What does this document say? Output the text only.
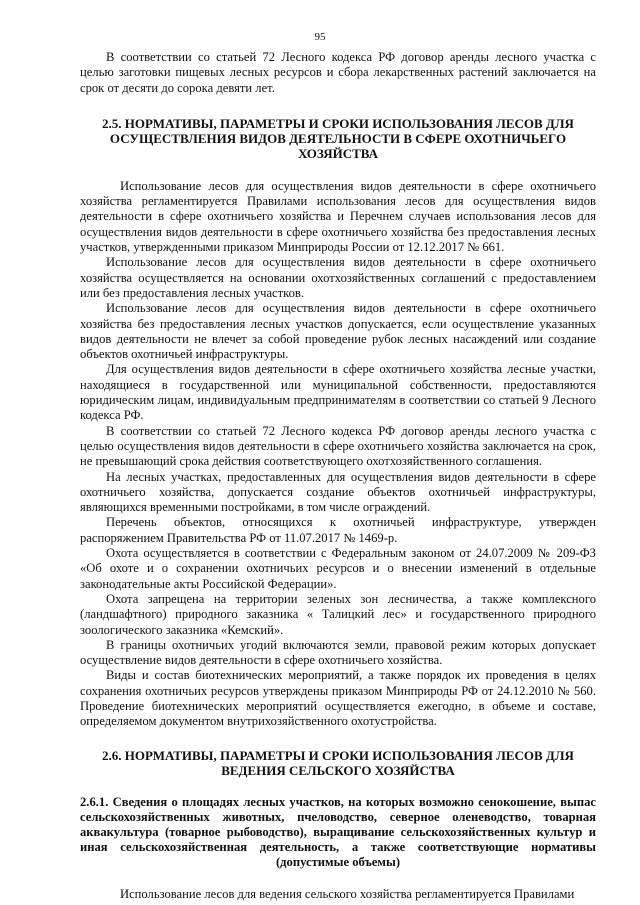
95

В соответствии со статьей 72 Лесного кодекса РФ договор аренды лесного участка с целью заготовки пищевых лесных ресурсов и сбора лекарственных растений заключается на срок от десяти до сорока девяти лет.

2.5. НОРМАТИВЫ, ПАРАМЕТРЫ И СРОКИ ИСПОЛЬЗОВАНИЯ ЛЕСОВ ДЛЯ ОСУЩЕСТВЛЕНИЯ ВИДОВ ДЕЯТЕЛЬНОСТИ В СФЕРЕ ОХОТНИЧЬЕГО ХОЗЯЙСТВА

Использование лесов для осуществления видов деятельности в сфере охотничьего хозяйства регламентируется Правилами использования лесов для осуществления видов деятельности в сфере охотничьего хозяйства и Перечнем случаев использования лесов для осуществления видов деятельности в сфере охотничьего хозяйства без предоставления лесных участков, утвержденными приказом Минприроды России от 12.12.2017 № 661.

Использование лесов для осуществления видов деятельности в сфере охотничьего хозяйства осуществляется на основании охотхозяйственных соглашений с предоставлением или без предоставления лесных участков.

Использование лесов для осуществления видов деятельности в сфере охотничьего хозяйства без предоставления лесных участков допускается, если осуществление указанных видов деятельности не влечет за собой проведение рубок лесных насаждений или создание объектов охотничьей инфраструктуры.

Для осуществления видов деятельности в сфере охотничьего хозяйства лесные участки, находящиеся в государственной или муниципальной собственности, предоставляются юридическим лицам, индивидуальным предпринимателям в соответствии со статьей 9 Лесного кодекса РФ.

В соответствии со статьей 72 Лесного кодекса РФ договор аренды лесного участка с целью осуществления видов деятельности в сфере охотничьего хозяйства заключается на срок, не превышающий срока действия соответствующего охотхозяйственного соглашения.

На лесных участках, предоставленных для осуществления видов деятельности в сфере охотничьего хозяйства, допускается создание объектов охотничьей инфраструктуры, являющихся временными постройками, в том числе ограждений.

Перечень объектов, относящихся к охотничьей инфраструктуре, утвержден распоряжением Правительства РФ от 11.07.2017 № 1469-р.

Охота осуществляется в соответствии с Федеральным законом от 24.07.2009 № 209-ФЗ «Об охоте и о сохранении охотничьих ресурсов и о внесении изменений в отдельные законодательные акты Российской Федерации».

Охота запрещена на территории зеленых зон лесничества, а также комплексного (ландшафтного) природного заказника « Талицкий лес» и государственного природного зоологического заказника «Кемский».

В границы охотничьих угодий включаются земли, правовой режим которых допускает осуществление видов деятельности в сфере охотничьего хозяйства.

Виды и состав биотехнических мероприятий, а также порядок их проведения в целях сохранения охотничьих ресурсов утверждены приказом Минприроды РФ от 24.12.2010 № 560. Проведение биотехнических мероприятий осуществляется ежегодно, в объеме и составе, определяемом документом внутрихозяйственного охотустройства.

2.6. НОРМАТИВЫ, ПАРАМЕТРЫ И СРОКИ ИСПОЛЬЗОВАНИЯ ЛЕСОВ ДЛЯ ВЕДЕНИЯ СЕЛЬСКОГО ХОЗЯЙСТВА
2.6.1. Сведения о площадях лесных участков, на которых возможно сенокошение, выпас сельскохозяйственных животных, пчеловодство, северное оленеводство, товарная аквакультура (товарное рыбоводство), выращивание сельскохозяйственных культур и иная сельскохозяйственная деятельность, а также соответствующие нормативы (допустимые объемы)

Использование лесов для ведения сельского хозяйства регламентируется Правилами
